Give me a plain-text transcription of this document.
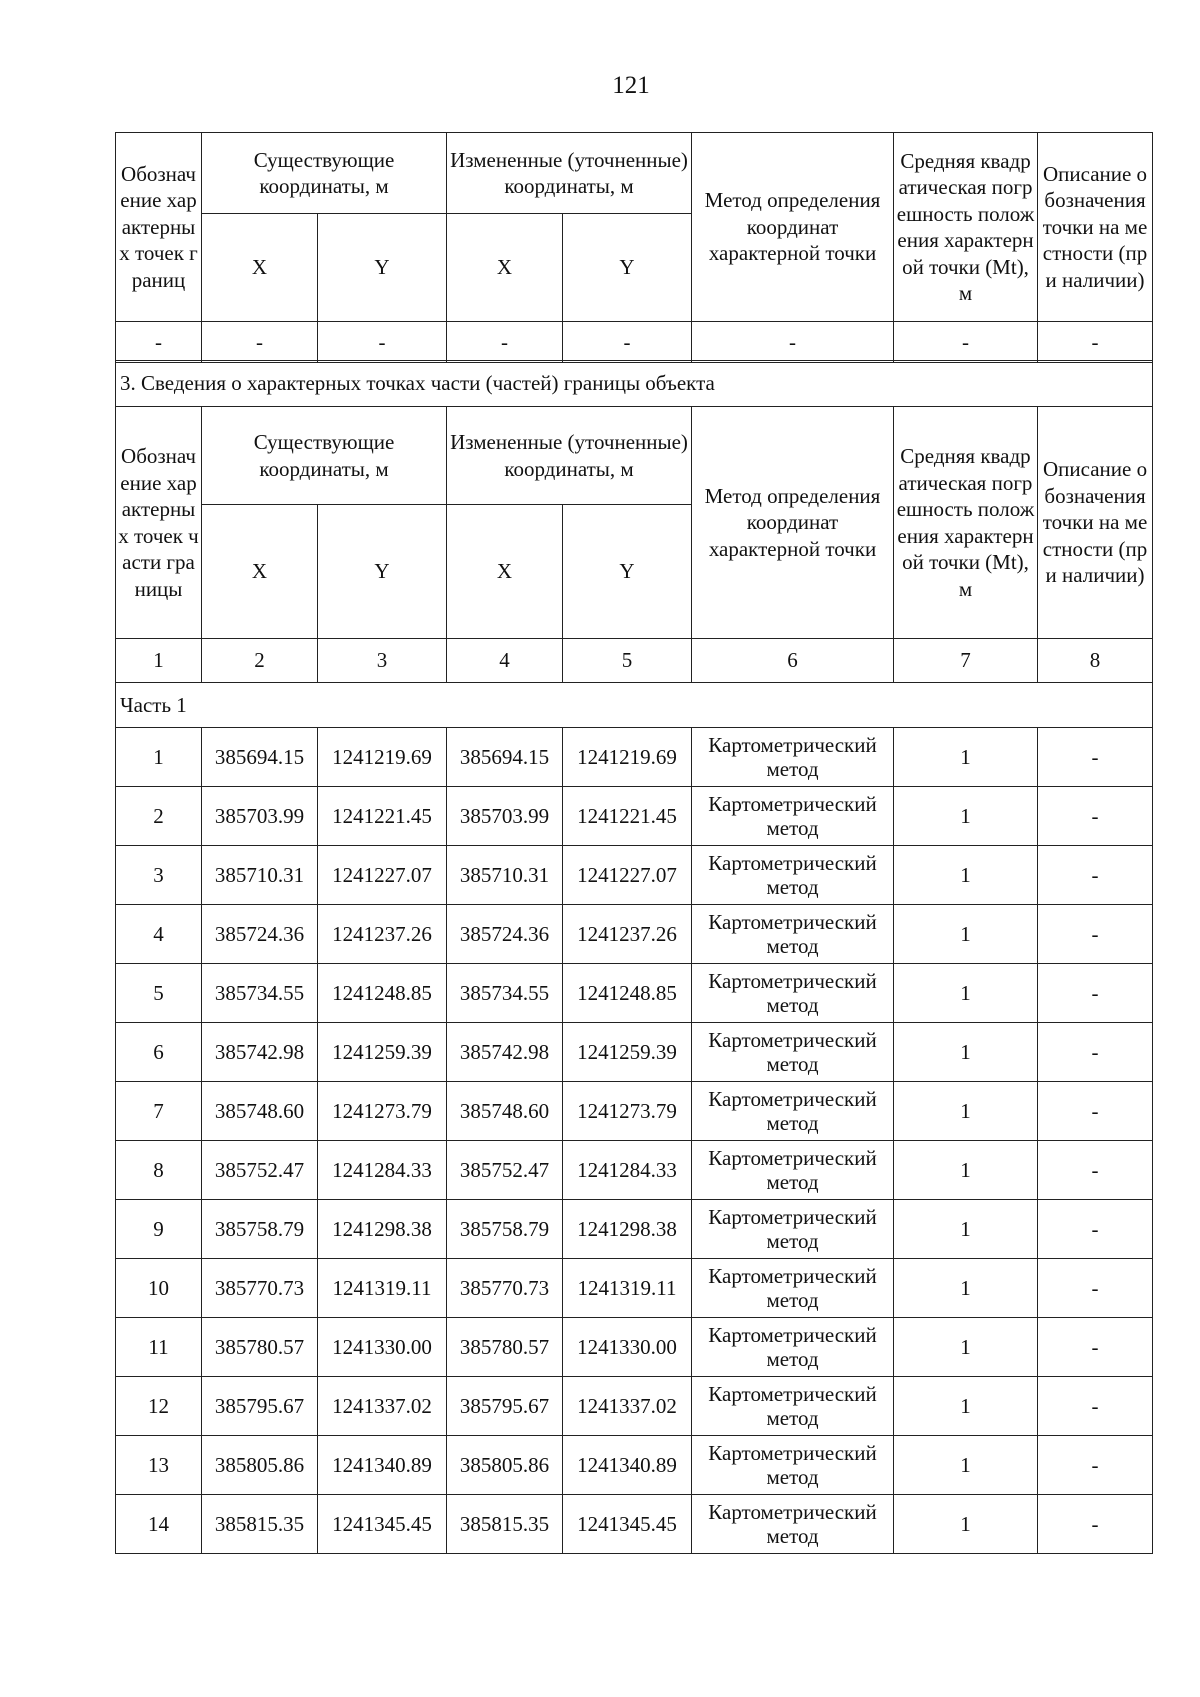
121
Обозначение характерных точек границ	Существующие координаты, м		Измененные (уточненные) координаты, м		Метод определения координат характерной точки	Средняя квадратическая погрешность положения характерной точки (Mt), м	Описание обозначения точки на местности (при наличии)
	X	Y	X	Y			
-	-	-	-	-	-	-	-
3. Сведения о характерных точках части (частей) границы объекта							
Обозначение характерных точек части границы	Существующие координаты, м		Измененные (уточненные) координаты, м		Метод определения координат характерной точки	Средняя квадратическая погрешность положения характерной точки (Mt), м	Описание обозначения точки на местности (при наличии)
	X	Y	X	Y			
1	2	3	4	5	6	7	8
Часть 1							
1	385694.15	1241219.69	385694.15	1241219.69	Картометрический метод	1	-
2	385703.99	1241221.45	385703.99	1241221.45	Картометрический метод	1	-
3	385710.31	1241227.07	385710.31	1241227.07	Картометрический метод	1	-
4	385724.36	1241237.26	385724.36	1241237.26	Картометрический метод	1	-
5	385734.55	1241248.85	385734.55	1241248.85	Картометрический метод	1	-
6	385742.98	1241259.39	385742.98	1241259.39	Картометрический метод	1	-
7	385748.60	1241273.79	385748.60	1241273.79	Картометрический метод	1	-
8	385752.47	1241284.33	385752.47	1241284.33	Картометрический метод	1	-
9	385758.79	1241298.38	385758.79	1241298.38	Картометрический метод	1	-
10	385770.73	1241319.11	385770.73	1241319.11	Картометрический метод	1	-
11	385780.57	1241330.00	385780.57	1241330.00	Картометрический метод	1	-
12	385795.67	1241337.02	385795.67	1241337.02	Картометрический метод	1	-
13	385805.86	1241340.89	385805.86	1241340.89	Картометрический метод	1	-
14	385815.35	1241345.45	385815.35	1241345.45	Картометрический метод	1	-
